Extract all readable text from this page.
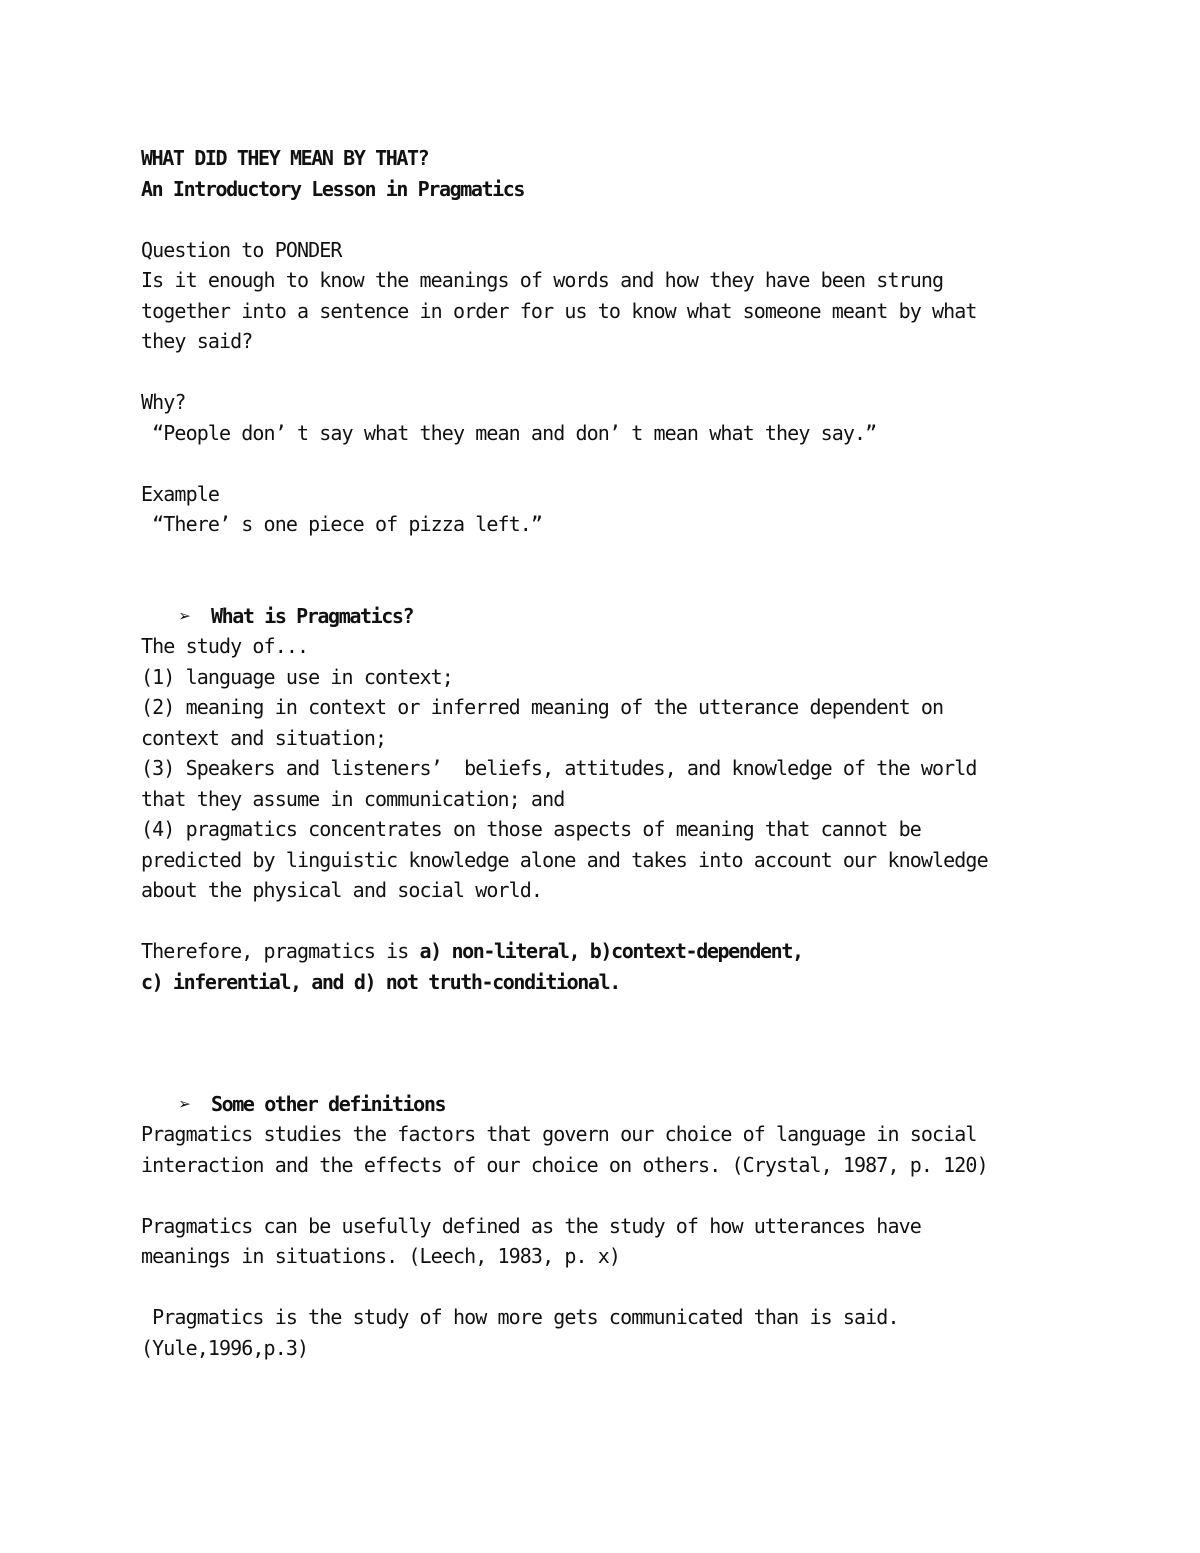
WHAT DID THEY MEAN BY THAT?
An Introductory Lesson in Pragmatics
Question to PONDER
Is it enough to know the meanings of words and how they have been strung
together into a sentence in order for us to know what someone meant by what
they said?
Why?
“People don’ t say what they mean and don’ t mean what they say.”
Example
“There’ s one piece of pizza left.”
➢ What is Pragmatics?
The study of...
(1) language use in context;
(2) meaning in context or inferred meaning of the utterance dependent on
context and situation;
(3) Speakers and listeners’  beliefs, attitudes, and knowledge of the world
that they assume in communication; and
(4) pragmatics concentrates on those aspects of meaning that cannot be
predicted by linguistic knowledge alone and takes into account our knowledge
about the physical and social world.
Therefore, pragmatics is a) non-literal, b)context-dependent,
c) inferential, and d) not truth-conditional.
➢ Some other definitions
Pragmatics studies the factors that govern our choice of language in social
interaction and the effects of our choice on others. (Crystal, 1987, p. 120)
Pragmatics can be usefully defined as the study of how utterances have
meanings in situations. (Leech, 1983, p. x)
Pragmatics is the study of how more gets communicated than is said.
(Yule,1996,p.3)
